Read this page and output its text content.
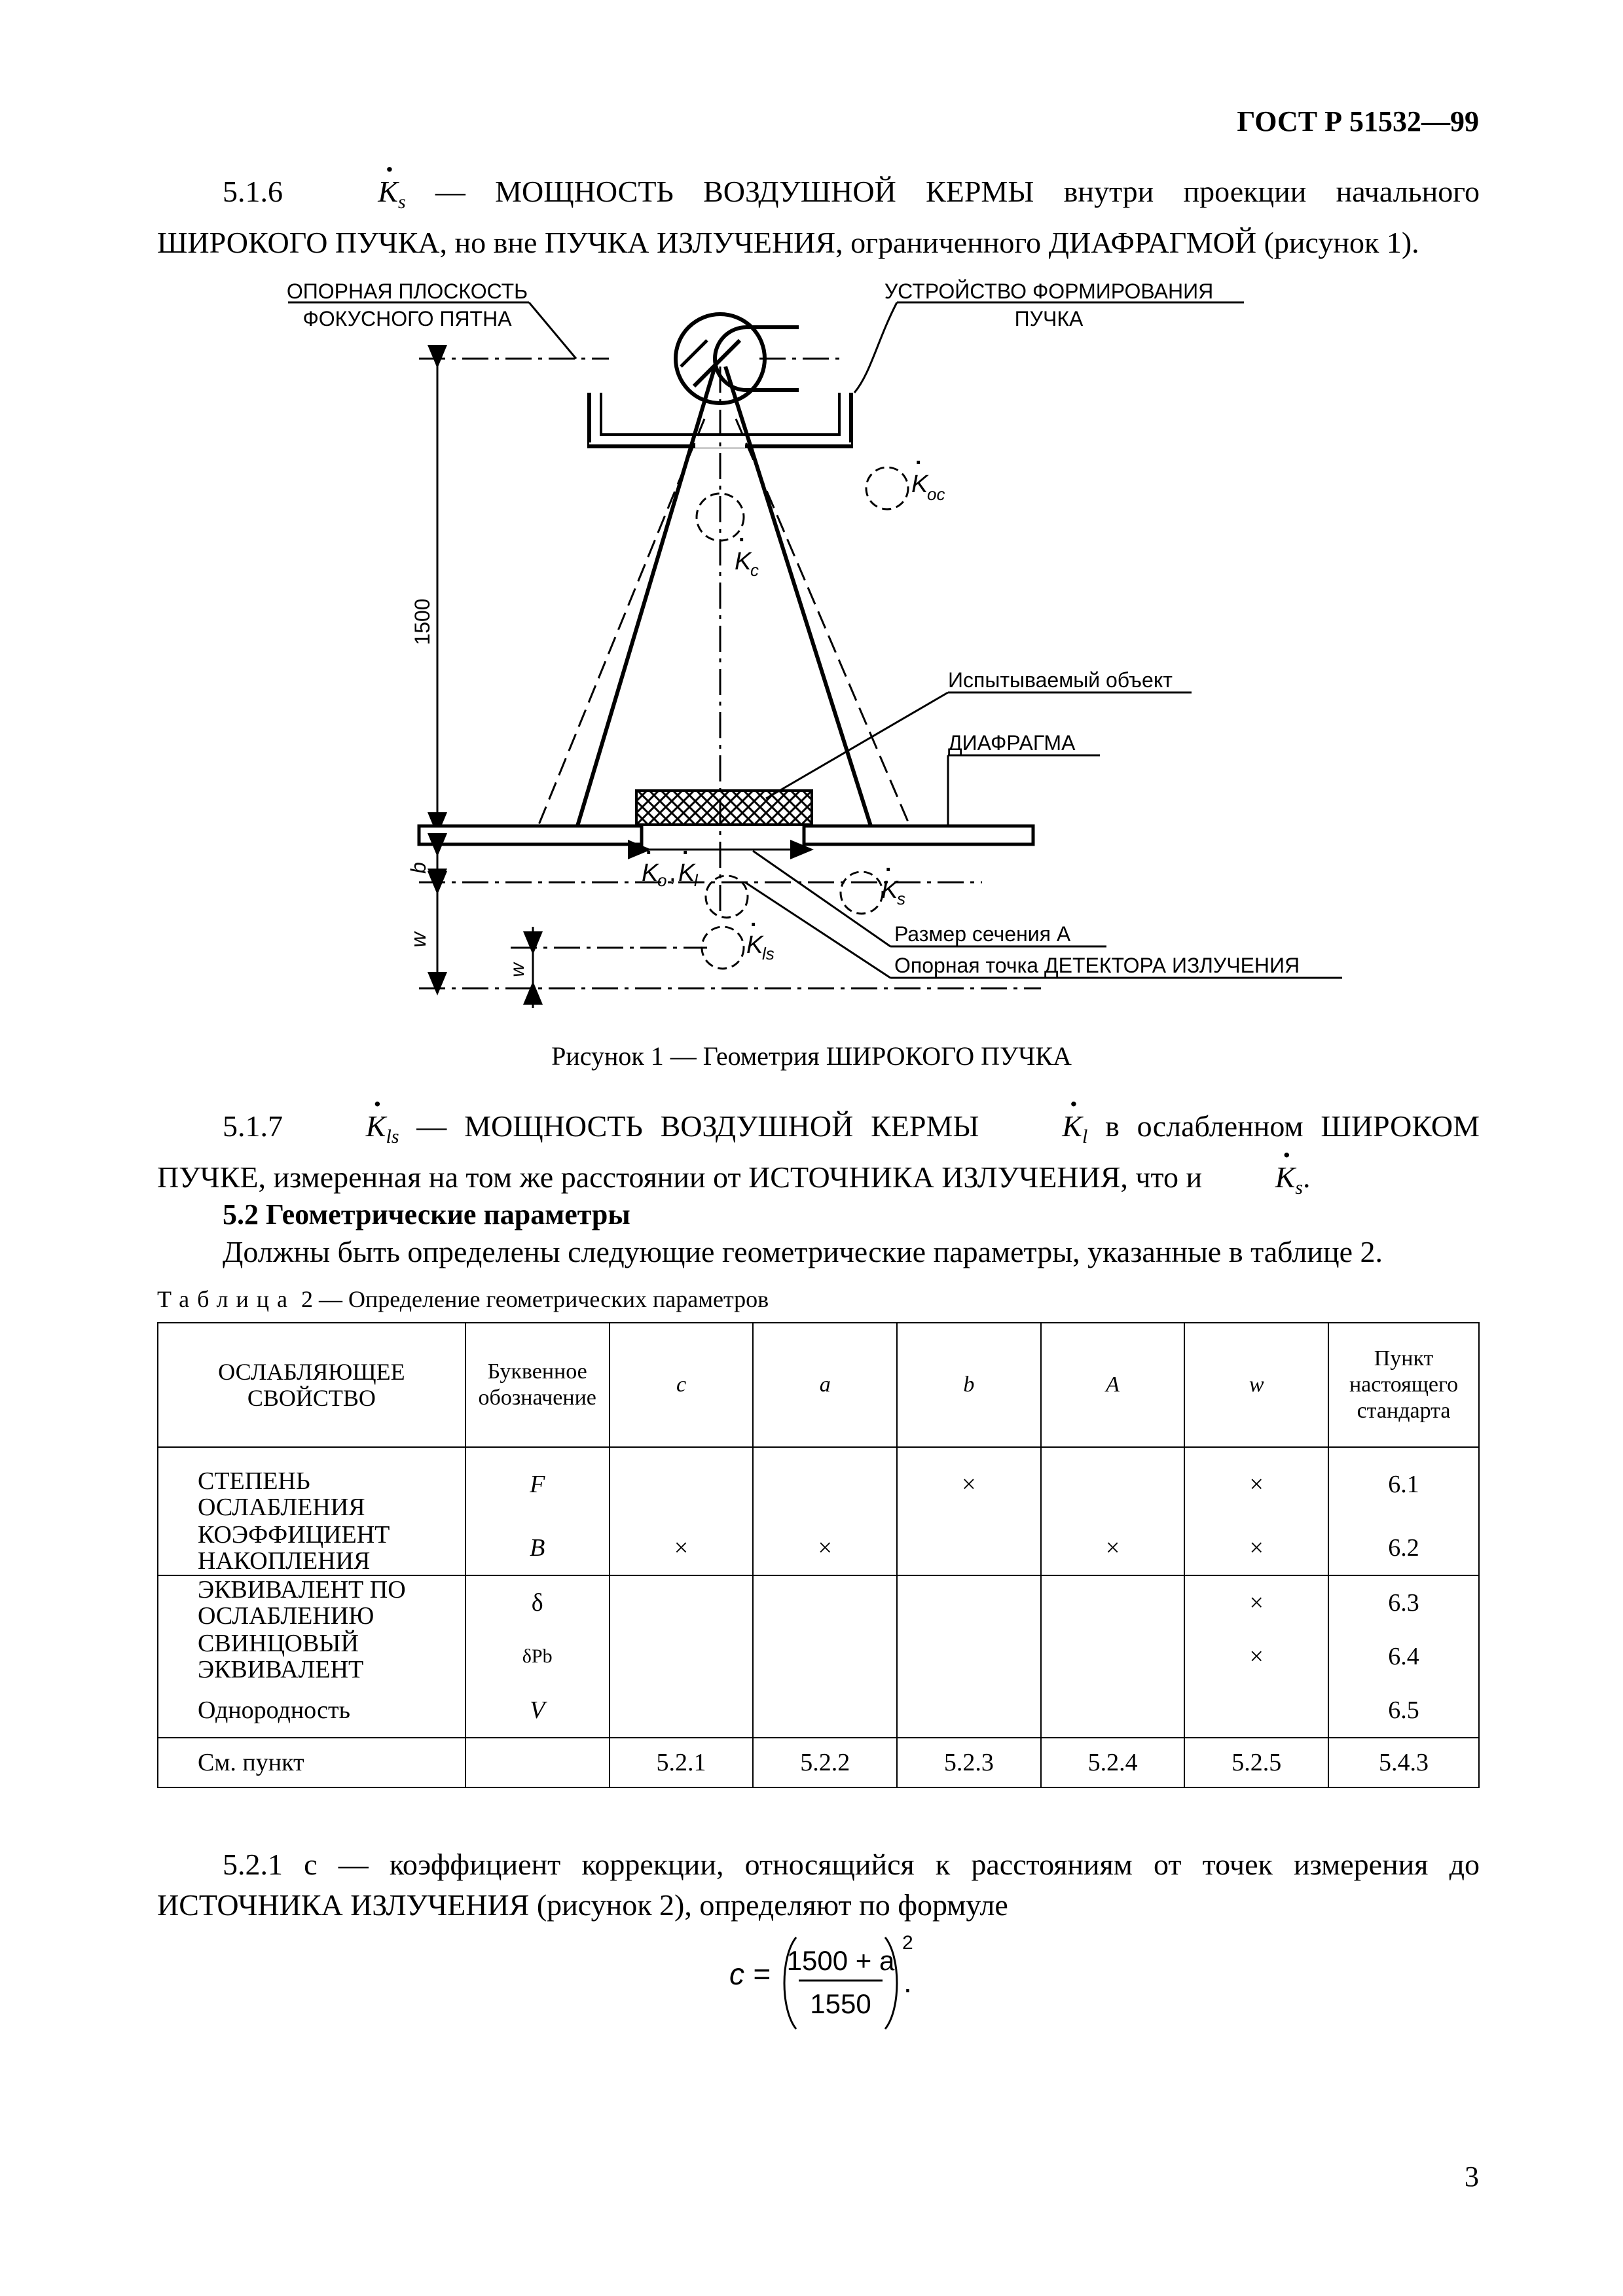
ГОСТ Р 51532—99
5.1.6	· $K_s$ — МОЩНОСТЬ ВОЗДУШНОЙ КЕРМЫ внутри проекции начального ШИРОКОГО ПУЧКА, но вне ПУЧКА ИЗЛУЧЕНИЯ, ограниченного ДИАФРАГМОЙ (рисунок 1).
ОПОРНАЯ ПЛОСКОСТЬ
ФОКУСНОГО ПЯТНА
УСТРОЙСТВО ФОРМИРОВАНИЯ
ПУЧКА
K
·
c
K
·
oc
1500
Испытываемый объект
ДИАФРАГМА
b
w
w
K
·
o , K
·
l	K
·
s
K
·
ls
Размер сечения A
Опорная точка ДЕТЕКТОРА ИЗЛУЧЕНИЯ
Рисунок 1 — Геометрия ШИРОКОГО ПУЧКА
5.1.7	· $K_{ls}$ — МОЩНОСТЬ ВОЗДУШНОЙ КЕРМЫ	· $K_l$ в ослабленном ШИРОКОМ ПУЧКЕ, измеренная на том же расстоянии от ИСТОЧНИКА ИЗЛУЧЕНИЯ, что $и \cdot K_s$.
5.2 Геометрические параметры
Должны быть определены следующие геометрические параметры, указанные в таблице 2.
Таблица 2 — Определение геометрических параметров
ОСЛАБЛЯЮЩЕЕ СВОЙСТВО	Буквенное обозначение	c	a	b	A	w	Пункт настоящего стандарта
СТЕПЕНЬ ОСЛАБЛЕНИЯ	F			×		×	6.1
КОЭФФИЦИЕНТ НАКОПЛЕНИЯ	B	×	×		×	×	6.2
ЭКВИВАЛЕНТ ПО ОСЛАБЛЕНИЮ	δ					×	6.3
СВИНЦОВЫЙ ЭКВИВАЛЕНТ	δPb					×	6.4
Однородность	V						6.5
См. пункт		5.2.1	5.2.2	5.2.3	5.2.4	5.2.5	5.4.3
5.2.1 c — коэффициент коррекции, относящийся к расстояниям от точек измерения до ИСТОЧНИКА ИЗЛУЧЕНИЯ (рисунок 2), определяют по формуле
c = 1500 + a
1550
2
.
3
